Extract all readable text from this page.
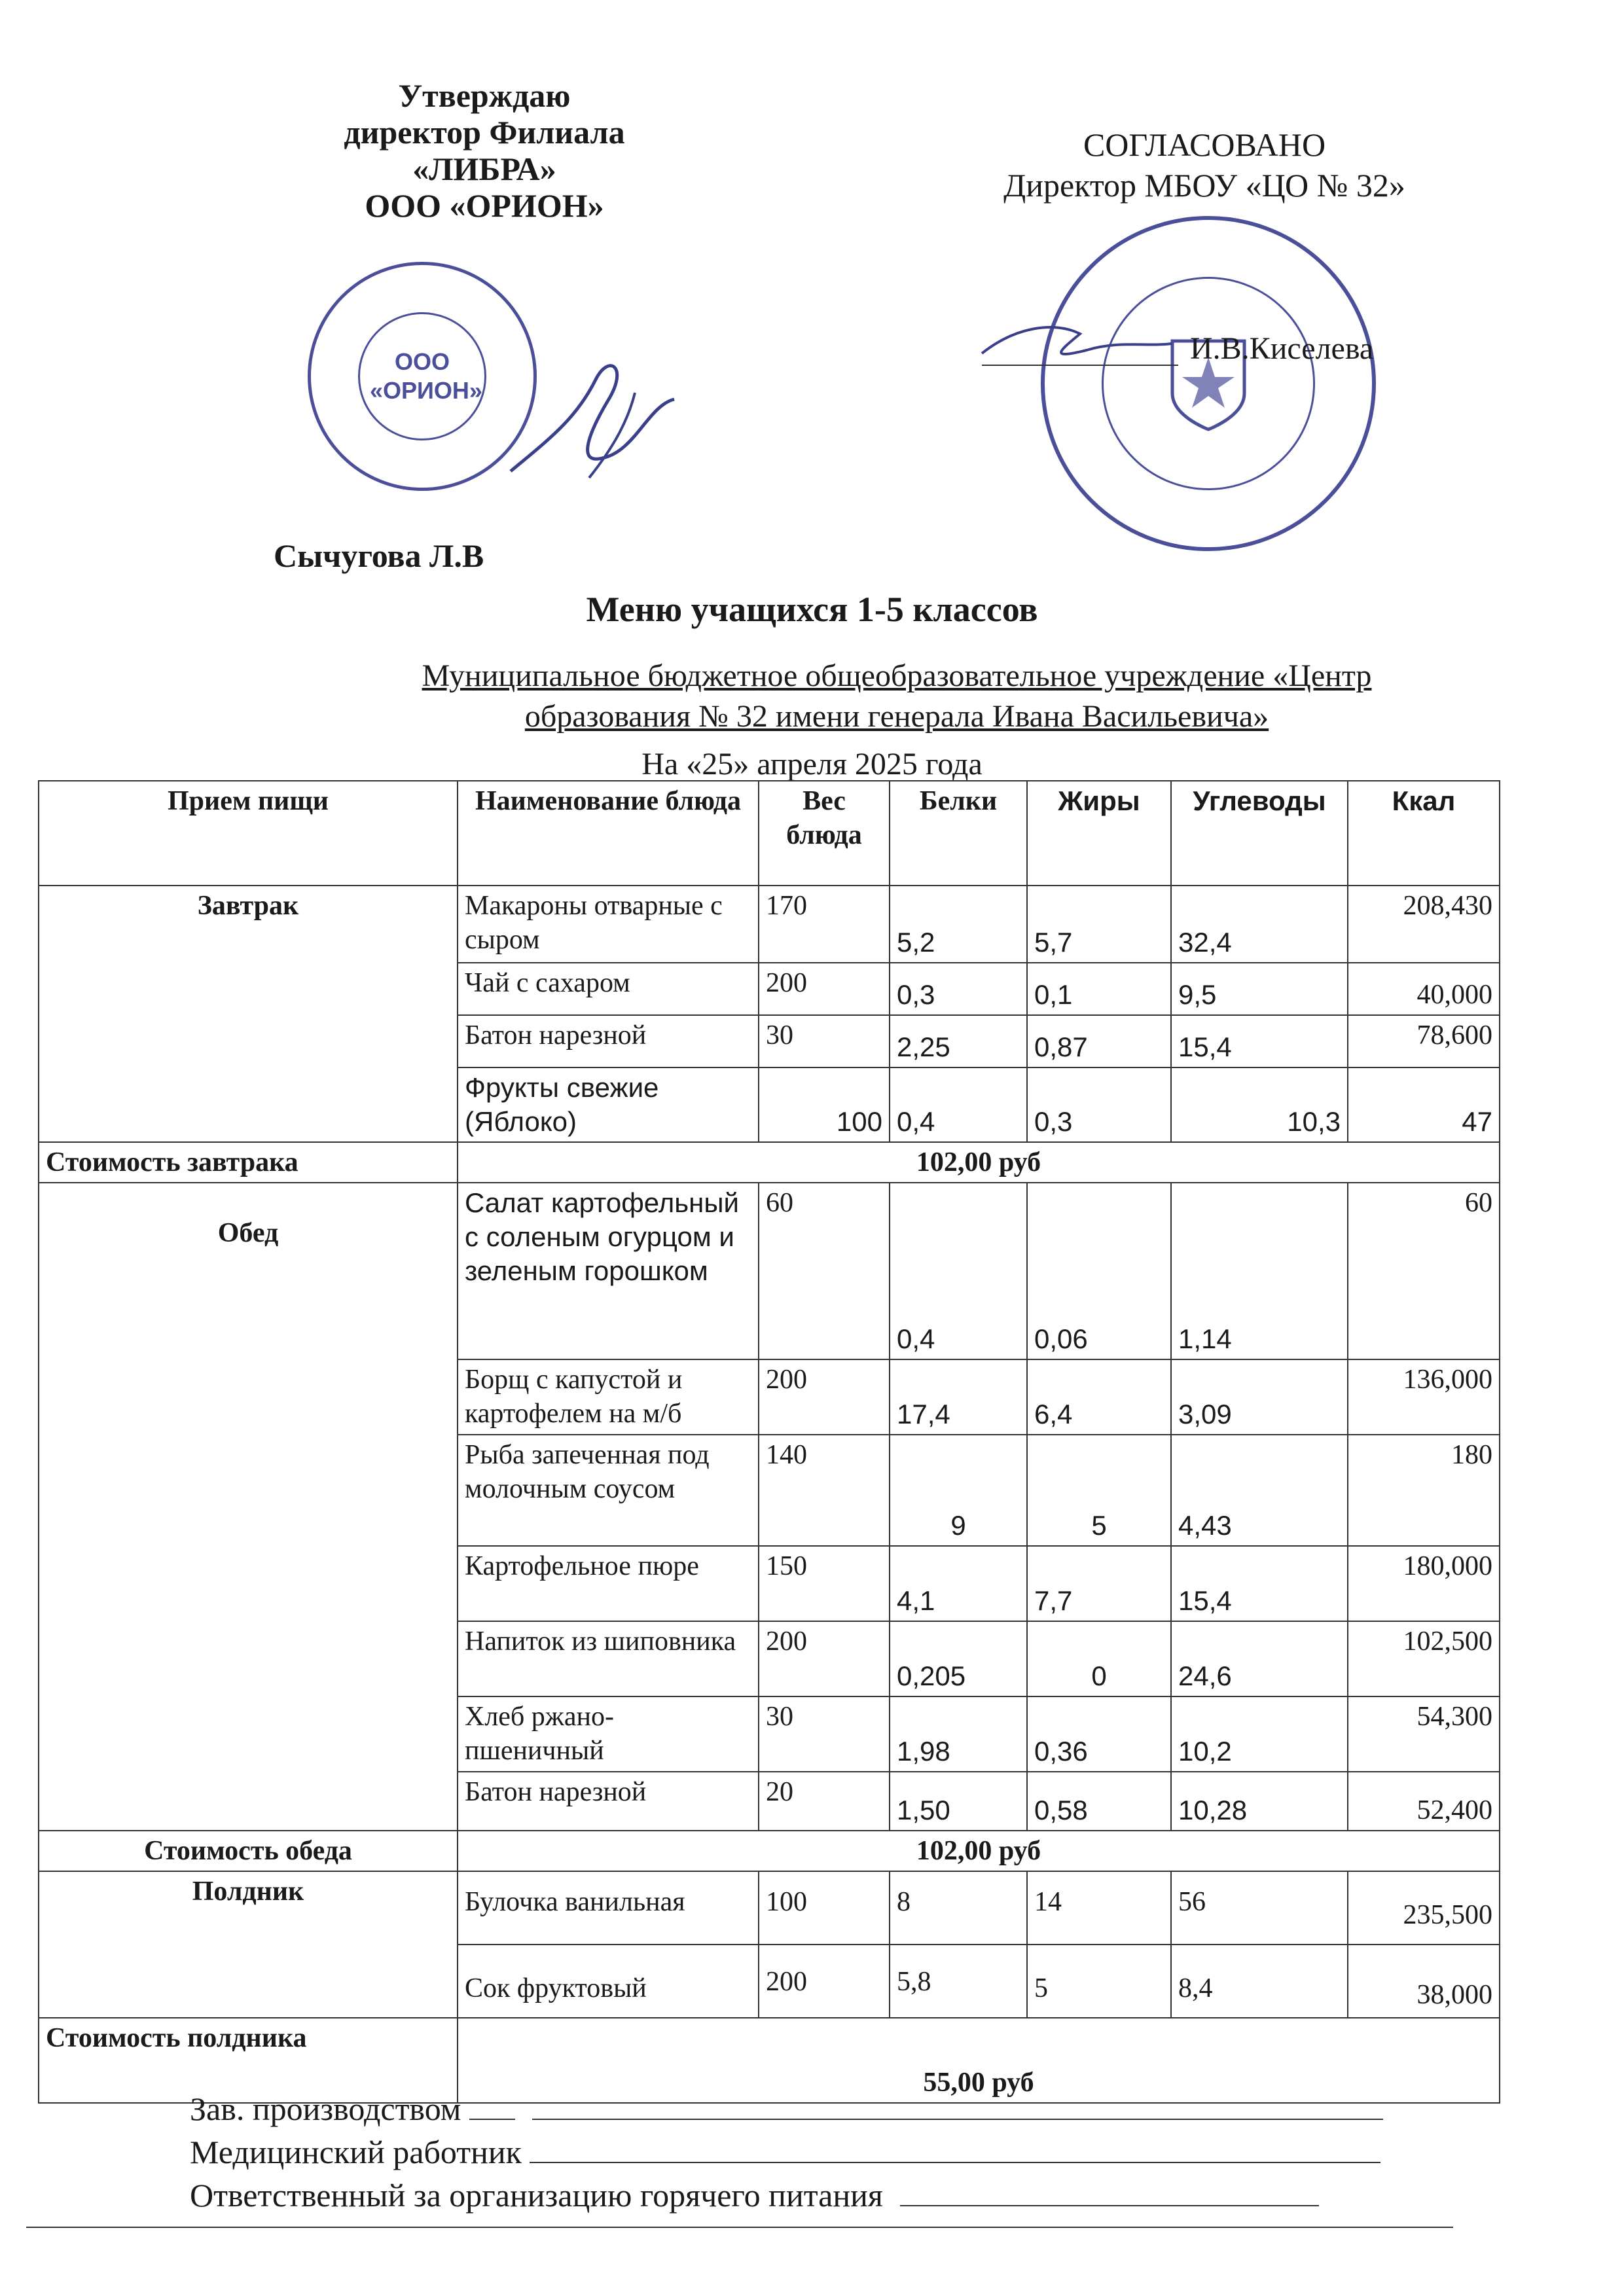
Утверждаю
директор Филиала
«ЛИБРА»
ООО «ОРИОН»
ООО «ОРИОН»
Сычугова Л.В
СОГЛАСОВАНО
Директор МБОУ «ЦО № 32»
И.В.Киселева
Меню учащихся 1-5 классов
Муниципальное бюджетное общеобразовательное учреждение «Центр
образования № 32 имени генерала Ивана Васильевича»
На «25» апреля 2025 года
Прием пищи	Наименование блюда	Вес блюда	Белки	Жиры	Углеводы	Ккал

Завтрак	Макароны отварные с сыром	170	5,2	5,7	32,4	208,430
	Чай с сахаром	200	0,3	0,1	9,5	40,000
	Батон нарезной	30	2,25	0,87	15,4	78,600
	Фрукты свежие (Яблоко)	100	0,4	0,3	10,3	47
Стоимость завтрака	102,00 руб					

Обед	Салат картофельный с соленым огурцом и зеленым горошком	60	0,4	0,06	1,14	60
	Борщ с капустой и картофелем на м/б	200	17,4	6,4	3,09	136,000
	Рыба запеченная под молочным соусом	140	9	5	4,43	180
	Картофельное пюре	150	4,1	7,7	15,4	180,000
	Напиток из шиповника	200	0,205	0	24,6	102,500
	Хлеб ржано-пшеничный	30	1,98	0,36	10,2	54,300
	Батон нарезной	20	1,50	0,58	10,28	52,400
Стоимость обеда	102,00 руб					

Полдник	Булочка ванильная	100	8	14	56	235,500
	Сок фруктовый	200	5,8	5	8,4	38,000
Стоимость полдника	55,00 руб					
Зав. производством
Медицинский работник
Ответственный за организацию горячего питания
